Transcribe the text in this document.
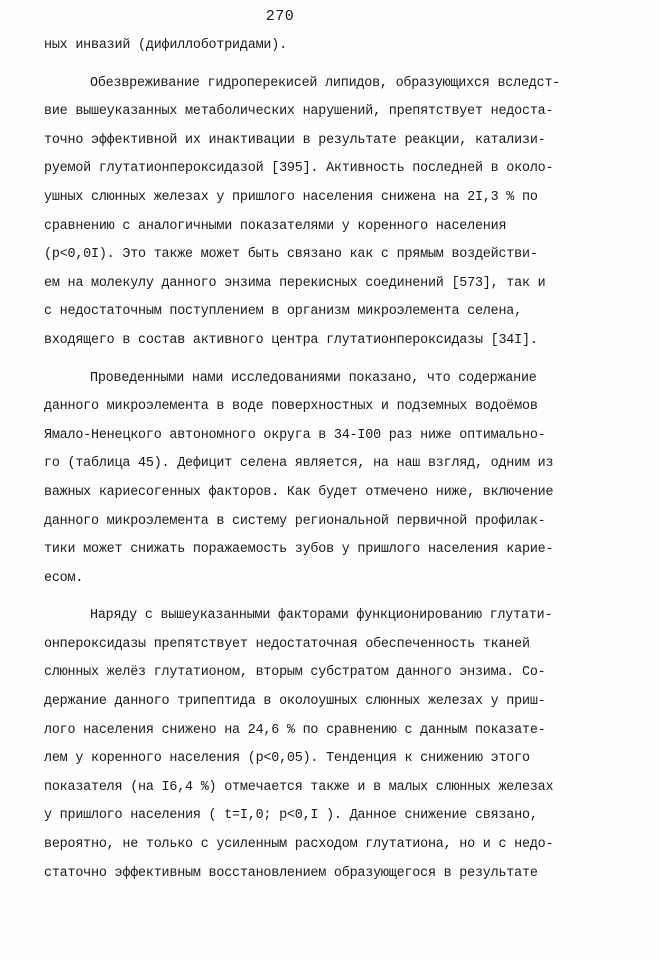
270
ных инвазий (дифиллоботридами).
Обезвреживание гидроперекисей липидов, образующихся вследст-
вие вышеуказанных метаболических нарушений, препятствует недоста-
точно эффективной их инактивации в результате реакции, катализи-
руемой глутатионпероксидазой [395]. Активность последней в около-
ушных слюнных железах у пришлого населения снижена на 2I,3 % по
сравнению с аналогичными показателями у коренного населения
(р<0,0I). Это также может быть связано как с прямым воздействи-
ем на молекулу данного энзима перекисных соединений [573], так и
с недостаточным поступлением в организм микроэлемента селена,
входящего в состав активного центра глутатионпероксидазы [34I].
Проведенными нами исследованиями показано, что содержание
данного микроэлемента в воде поверхностных и подземных водоёмов
Ямало-Ненецкого автономного округа в 34-I00 раз ниже оптимально-
го (таблица 45). Дефицит селена является, на наш взгляд, одним из
важных кариесогенных факторов. Как будет отмечено ниже, включение
данного микроэлемента в систему региональной первичной профилак-
тики может снижать поражаемость зубов у пришлого населения карие-
есом.
Наряду с вышеуказанными факторами функционированию глутати-
онпероксидазы препятствует недостаточная обеспеченность тканей
слюнных желёз глутатионом, вторым субстратом данного энзима. Со-
держание данного трипептида в околоушных слюнных железах у приш-
лого населения снижено на 24,6 % по сравнению с данным показате-
лем у коренного населения (р<0,05). Тенденция к снижению этого
показателя (на I6,4 %) отмечается также и в малых слюнных железах
у пришлого населения ( t=I,0; р<0,I ). Данное снижение связано,
вероятно, не только с усиленным расходом глутатиона, но и с недо-
статочно эффективным восстановлением образующегося в результате
